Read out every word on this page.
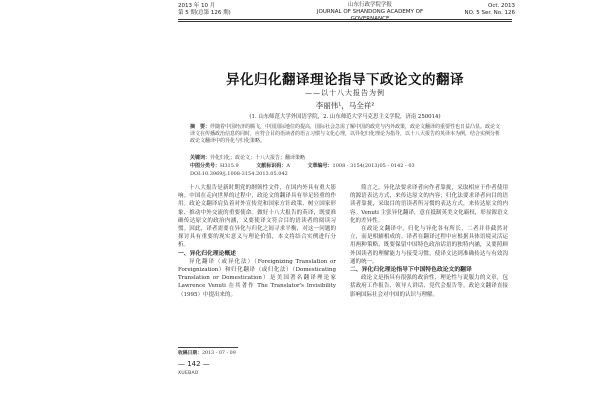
2013 年 10 月
第 5 期(总第 126 期)
山东行政学院学报
JOURNAL OF SHANDONG ACADEMY OF GOVERNANCE
Oct. 2013
NO. 5 Ser. No. 126
异化归化翻译理论指导下政论文的翻译
——以十八大报告为例
李丽伟¹，马全祥²
(1. 山东师范大学外国语学院，2. 山东师范大学马克思主义学院，济南 250014)
摘　要：伴随着中国经济的腾飞，中国国际地位的提高，国际社会急需了解中国的政党与内外政策，政论文翻译的重要性也日益凸显。政论文译文在传播政治信息的同时，应符合目的语读者的语言习惯与文化心理，以异化归化理论为指导，以十八大报告的英译本为例，结合实例分析政论文翻译中的异化与归化策略。
关键词：异化归化；政论文；十八大报告；翻译策略
中图分类号：H315.9	文献标识码：A	文章编号：1008 - 3154(2013)05 - 0142 - 03
DOI:10.3969/j.1008-3154.2013.05.042

十八大报告是新时期党的纲领性文件，在国内外具有重大影响。中国在走向世界的过程中，政论文的翻译具有举足轻重的作用。政论文翻译肩负着对外宣传党和国家方针政策、树立国家形象、推动中外交流的重要使命。做好十八大报告的英译，既要准确传达原文的政治内涵，又要使译文符合目的语读者的阅读习惯。因此，译者需要在异化与归化之间寻求平衡，对这一问题的探讨具有重要的现实意义与理论价值，本文将结合实例进行分析。

一、异化归化理论概述

异化翻译（或异化法）（Foreignizing Translation or Foreignization）和归化翻译（或归化法）（Domesticating Translation or Domestication）是美国著名翻译理论家 Lawrence Venuti 在其著作 The Translator's Invisibility（1995）中提出来的。

简言之，异化法要求译者向作者靠拢，采取相应于作者使用的源语表达方式，来传达原文的内容；归化法要求译者向目的语读者靠拢，采取目的语读者所习惯的表达方式，来传达原文的内容。Venuti 主张异化翻译，意在抵制英美文化霸权，彰显源语文化的差异性。

在政论文翻译中，归化与异化各有所长，二者并非截然对立，而是相辅相成的。译者在翻译过程中应根据具体语境灵活运用两种策略，既要保留中国特色政治话语的独特内涵，又要照顾外国读者的理解能力与接受习惯，使译文达到准确传达与有效沟通的统一。

二、异化归化理论指导下中国特色政论文的翻译

政论文是指具有很强的政治性、理论性与说服力的文章，包括政府工作报告、领导人讲话、党代会报告等。政论文翻译直接影响国际社会对中国的认识与理解。

收稿日期：2013 - 07 - 09
— 142 —
XUEBAO
